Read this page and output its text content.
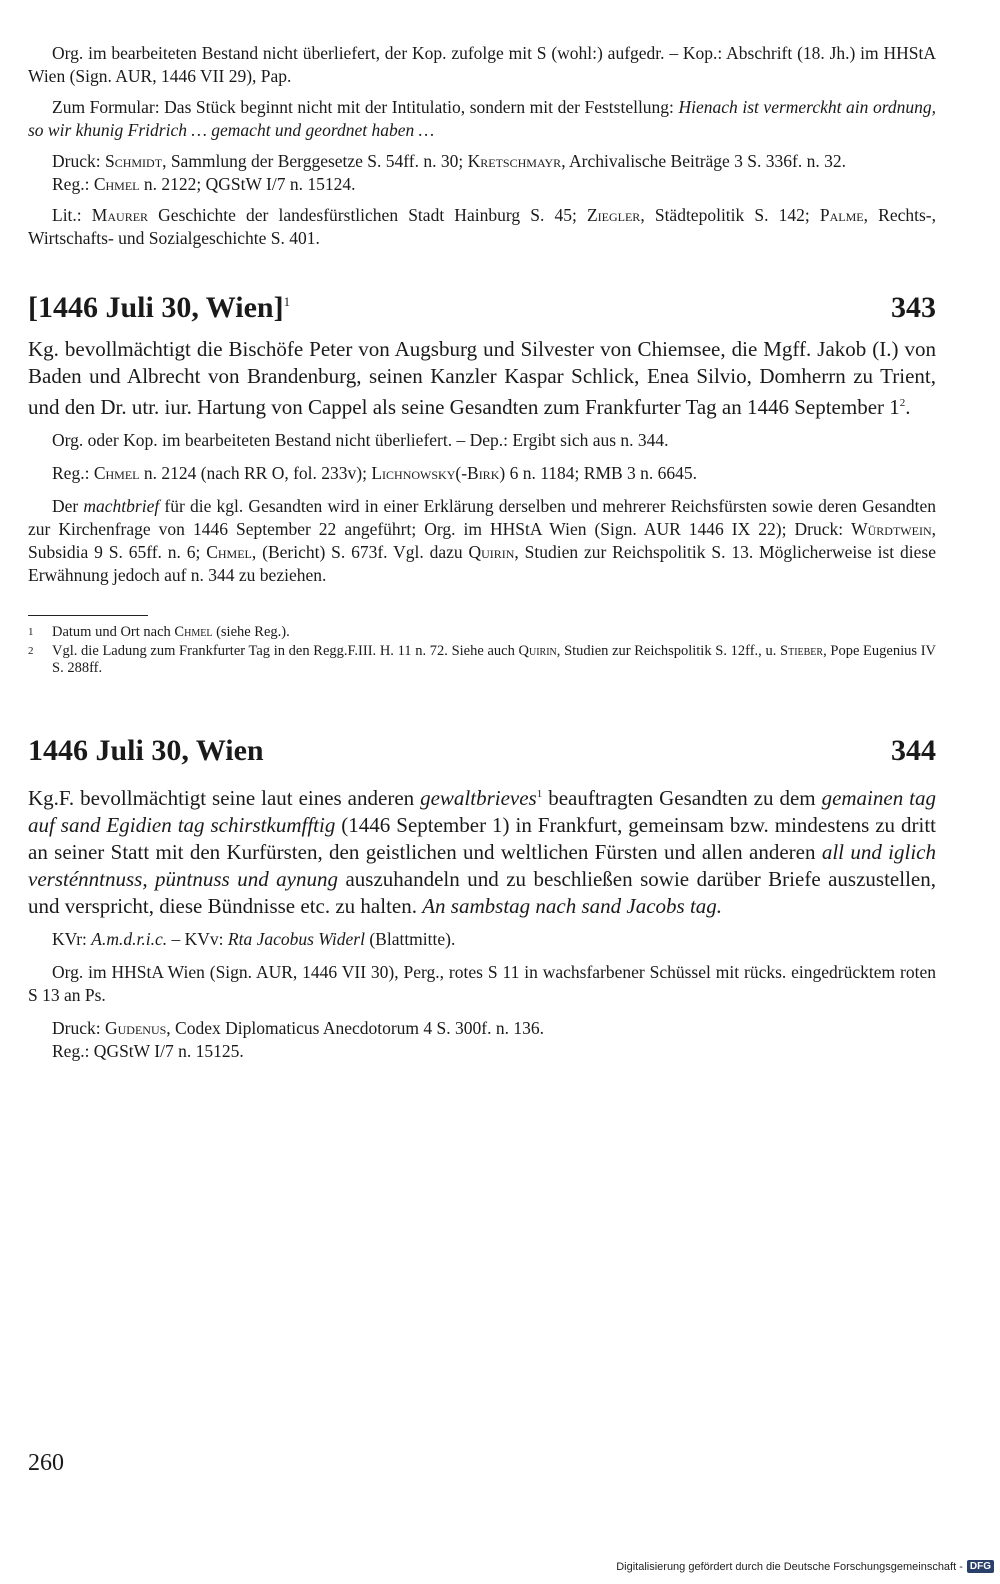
Org. im bearbeiteten Bestand nicht überliefert, der Kop. zufolge mit S (wohl:) aufgedr. – Kop.: Abschrift (18. Jh.) im HHStA Wien (Sign. AUR, 1446 VII 29), Pap.

Zum Formular: Das Stück beginnt nicht mit der Intitulatio, sondern mit der Feststellung: Hienach ist vermerckht ain ordnung, so wir khunig Fridrich … gemacht und geordnet haben …

Druck: Schmidt, Sammlung der Berggesetze S. 54ff. n. 30; Kretschmayr, Archivalische Beiträge 3 S. 336f. n. 32.

Reg.: Chmel n. 2122; QGStW I/7 n. 15124.

Lit.: Maurer Geschichte der landesfürstlichen Stadt Hainburg S. 45; Ziegler, Städtepolitik S. 142; Palme, Rechts-, Wirtschafts- und Sozialgeschichte S. 401.

[1446 Juli 30, Wien]$^1$	343

Kg. bevollmächtigt die Bischöfe Peter von Augsburg und Silvester von Chiemsee, die Mgff. Jakob (I.) von Baden und Albrecht von Brandenburg, seinen Kanzler Kaspar Schlick, Enea Silvio, Domherrn zu Trient, und den Dr. utr. iur. Hartung von Cappel als seine Gesandten zum Frankfurter Tag an 1446 September $1^2$.

Org. oder Kop. im bearbeiteten Bestand nicht überliefert. – Dep.: Ergibt sich aus n. 344.

Reg.: Chmel n. 2124 (nach RR O, fol. 233v); Lichnowsky(-Birk) 6 n. 1184; RMB 3 n. 6645.

Der machtbrief für die kgl. Gesandten wird in einer Erklärung derselben und mehrerer Reichsfürsten sowie deren Gesandten zur Kirchenfrage von 1446 September 22 angeführt; Org. im HHStA Wien (Sign. AUR 1446 IX 22); Druck: Würdtwein, Subsidia 9 S. 65ff. n. 6; Chmel, (Bericht) S. 673f. Vgl. dazu Quirin, Studien zur Reichspolitik S. 13. Möglicherweise ist diese Erwähnung jedoch auf n. 344 zu beziehen.

1	Datum und Ort nach Chmel (siehe Reg.).
2	Vgl. die Ladung zum Frankfurter Tag in den Regg.F.III. H. 11 n. 72. Siehe auch Quirin, Studien zur Reichspolitik S. 12ff., u. Stieber, Pope Eugenius IV S. 288ff.
1446 Juli 30, Wien	344

Kg.F. bevollmächtigt seine laut eines anderen gewaltbrieves$^1$ beauftragten Gesandten zu dem gemainen tag auf sand Egidien tag schirstkumfftig (1446 September 1) in Frankfurt, gemeinsam bzw. mindestens zu dritt an seiner Statt mit den Kurfürsten, den geistlichen und weltlichen Fürsten und allen anderen all und iglich versténntnuss, püntnuss und aynung auszuhandeln und zu beschließen sowie darüber Briefe auszustellen, und verspricht, diese Bündnisse etc. zu halten. An sambstag nach sand Jacobs tag.

KVr: A.m.d.r.i.c. – KVv: Rta Jacobus Widerl (Blattmitte).

Org. im HHStA Wien (Sign. AUR, 1446 VII 30), Perg., rotes S 11 in wachsfarbener Schüssel mit rücks. eingedrücktem roten S 13 an Ps.

Druck: Gudenus, Codex Diplomaticus Anecdotorum 4 S. 300f. n. 136.

Reg.: QGStW I/7 n. 15125.

260
Digitalisierung gefördert durch die Deutsche Forschungsgemeinschaft - DFG
